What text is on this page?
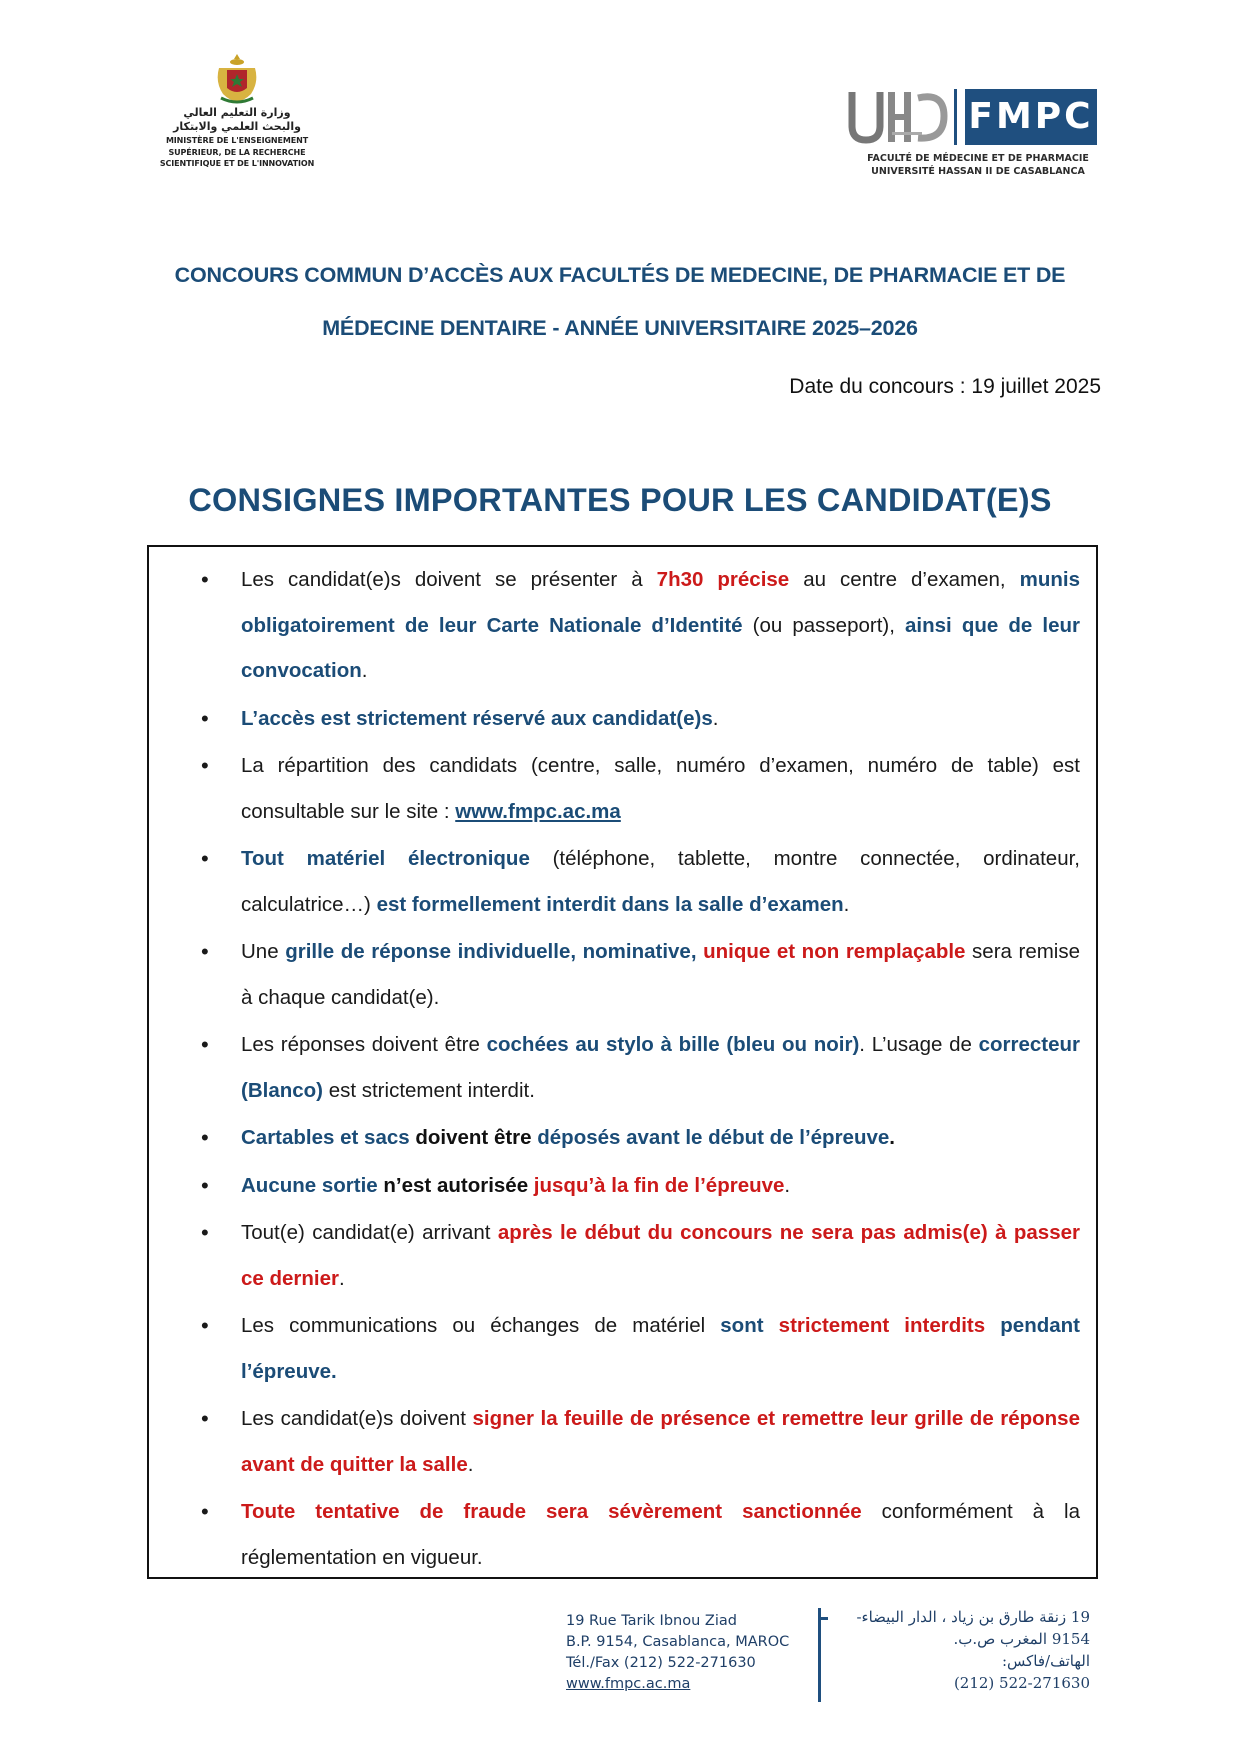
وزارة التعليم العالي
والبحث العلمي والابتكار
MINISTÈRE DE L'ENSEIGNEMENT
SUPÉRIEUR, DE LA RECHERCHE
SCIENTIFIQUE ET DE L'INNOVATION
FMPC
FACULTÉ DE MÉDECINE ET DE PHARMACIE
UNIVERSITÉ HASSAN II DE CASABLANCA
CONCOURS COMMUN D’ACCÈS AUX FACULTÉS DE MEDECINE, DE PHARMACIE ET DE
MÉDECINE DENTAIRE - ANNÉE UNIVERSITAIRE 2025–2026
Date du concours : 19 juillet 2025
CONSIGNES IMPORTANTES POUR LES CANDIDAT(E)S
• Les candidat(e)s doivent se présenter à 7h30 précise au centre d’examen, munis obligatoirement de leur Carte Nationale d’Identité (ou passeport), ainsi que de leur convocation.
• L’accès est strictement réservé aux candidat(e)s.
• La répartition des candidats (centre, salle, numéro d’examen, numéro de table) est consultable sur le site : www.fmpc.ac.ma
• Tout matériel électronique (téléphone, tablette, montre connectée, ordinateur, calculatrice…) est formellement interdit dans la salle d’examen.
• Une grille de réponse individuelle, nominative, unique et non remplaçable sera remise à chaque candidat(e).
• Les réponses doivent être cochées au stylo à bille (bleu ou noir). L’usage de correcteur (Blanco) est strictement interdit.
• Cartables et sacs doivent être déposés avant le début de l’épreuve.
• Aucune sortie n’est autorisée jusqu’à la fin de l’épreuve.
• Tout(e) candidat(e) arrivant après le début du concours ne sera pas admis(e) à passer ce dernier.
• Les communications ou échanges de matériel sont strictement interdits pendant l’épreuve.
• Les candidat(e)s doivent signer la feuille de présence et remettre leur grille de réponse avant de quitter la salle.
• Toute tentative de fraude sera sévèrement sanctionnée conformément à la réglementation en vigueur.
19 Rue Tarik Ibnou Ziad
B.P. 9154, Casablanca, MAROC
Tél./Fax (212) 522-271630
www.fmpc.ac.ma
19 زنقة طارق بن زياد ، الدار البيضاء-
9154 المغرب ص.ب.
الهاتف/فاكس:
(212) 522-271630
